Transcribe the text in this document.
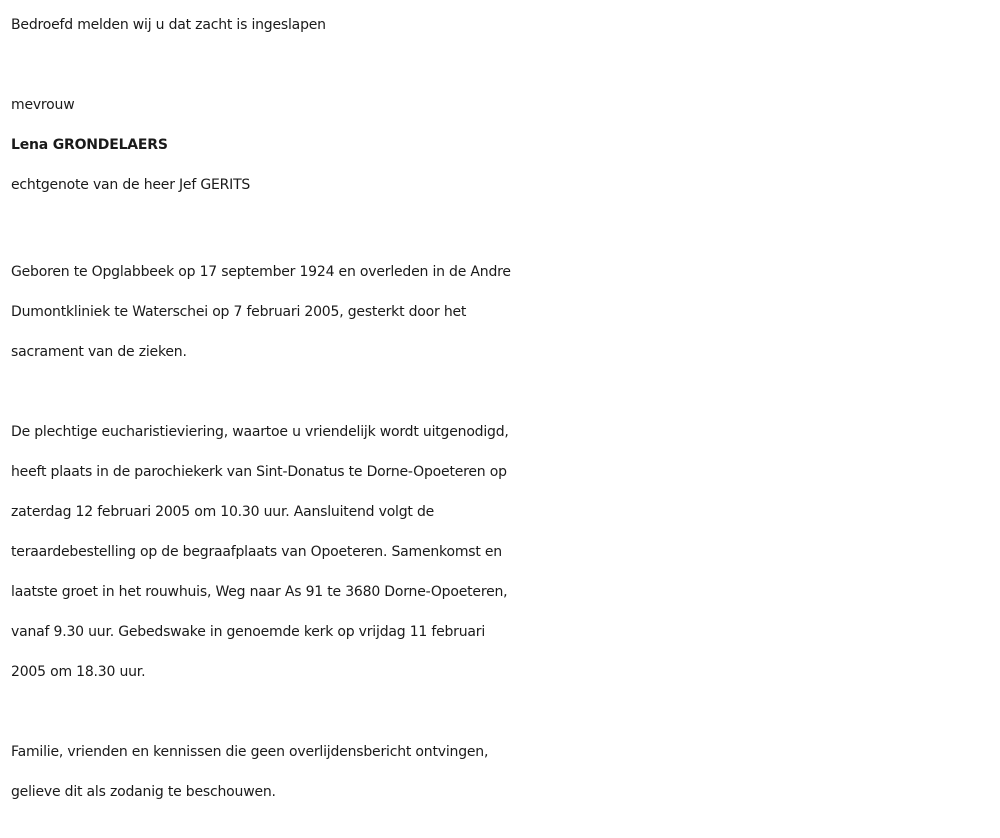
Bedroefd melden wij u dat zacht is ingeslapen
mevrouw
Lena GRONDELAERS
echtgenote van de heer Jef GERITS
Geboren te Opglabbeek op 17 september 1924 en overleden in de Andre
Dumontkliniek te Waterschei op 7 februari 2005, gesterkt door het
sacrament van de zieken.
De plechtige eucharistieviering, waartoe u vriendelijk wordt uitgenodigd,
heeft plaats in de parochiekerk van Sint-Donatus te Dorne-Opoeteren op
zaterdag 12 februari 2005 om 10.30 uur. Aansluitend volgt de
teraardebestelling op de begraafplaats van Opoeteren. Samenkomst en
laatste groet in het rouwhuis, Weg naar As 91 te 3680 Dorne-Opoeteren,
vanaf 9.30 uur. Gebedswake in genoemde kerk op vrijdag 11 februari
2005 om 18.30 uur.
Familie, vrienden en kennissen die geen overlijdensbericht ontvingen,
gelieve dit als zodanig te beschouwen.
